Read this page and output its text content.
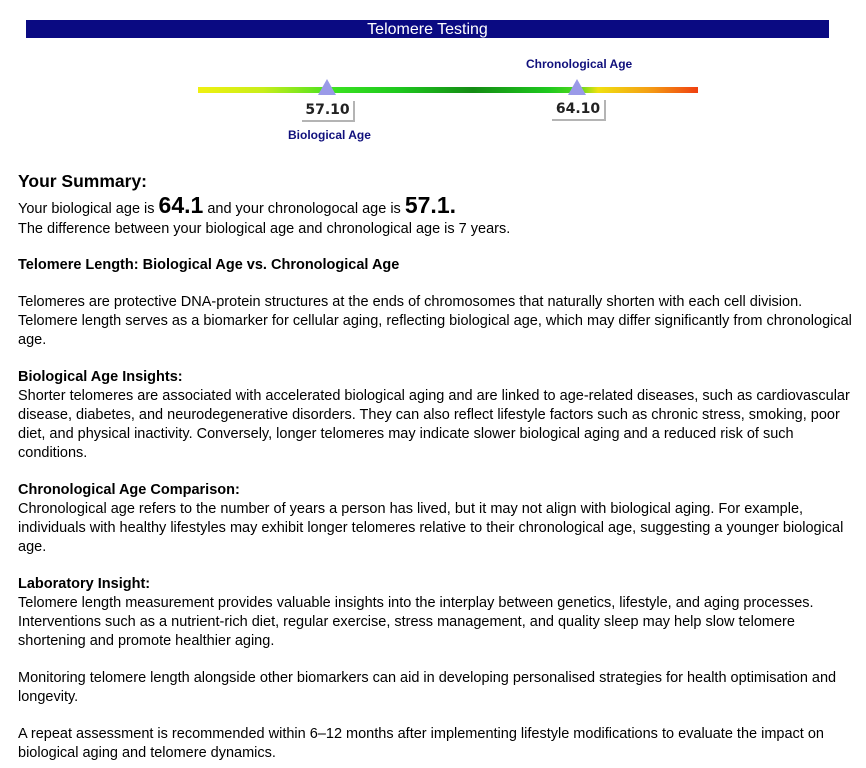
Telomere Testing
Chronological Age
57.10	64.10
Biological Age
Your Summary:

Your biological age is 64.1 and your chronologocal age is 57.1.

The difference between your biological age and chronological age is 7 years.

Telomere Length: Biological Age vs. Chronological Age

Telomeres are protective DNA-protein structures at the ends of chromosomes that naturally shorten with each cell division. Telomere length serves as a biomarker for cellular aging, reflecting biological age, which may differ significantly from chronological age.

Biological Age Insights:

Shorter telomeres are associated with accelerated biological aging and are linked to age-related diseases, such as cardiovascular disease, diabetes, and neurodegenerative disorders. They can also reflect lifestyle factors such as chronic stress, smoking, poor diet, and physical inactivity. Conversely, longer telomeres may indicate slower biological aging and a reduced risk of such conditions.

Chronological Age Comparison:

Chronological age refers to the number of years a person has lived, but it may not align with biological aging. For example, individuals with healthy lifestyles may exhibit longer telomeres relative to their chronological age, suggesting a younger biological age.

Laboratory Insight:

Telomere length measurement provides valuable insights into the interplay between genetics, lifestyle, and aging processes. Interventions such as a nutrient-rich diet, regular exercise, stress management, and quality sleep may help slow telomere shortening and promote healthier aging.

Monitoring telomere length alongside other biomarkers can aid in developing personalised strategies for health optimisation and longevity.

A repeat assessment is recommended within 6–12 months after implementing lifestyle modifications to evaluate the impact on biological aging and telomere dynamics.
